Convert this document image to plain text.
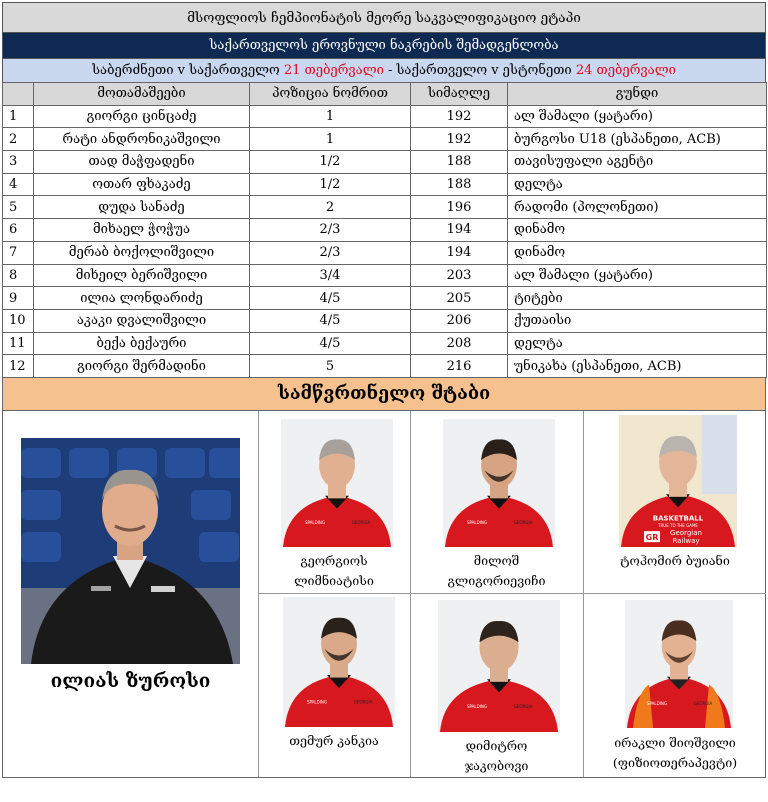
მსოფლიოს ჩემპიონატის მეორე საკვალიფიკაციო ეტაპი
საქართველოს ეროვნული ნაკრების შემადგენლობა
საბერძნეთი v საქართველო 21 თებერვალი - საქართველო v ესტონეთი 24 თებერვალი
	მოთამაშეები	პოზიცია ნომრით	სიმაღლე	გუნდი
1	გიორგი ცინცაძე	1	192	ალ შამალი (ყატარი)
2	რატი ანდრონიკაშვილი	1	192	ბურგოსი U18 (ესპანეთი, ACB)
3	თად მაჭფადენი	1/2	188	თავისუფალი აგენტი
4	ოთარ ფხაკაძე	1/2	188	დელტა
5	დუდა სანაძე	2	196	რადომი (პოლონეთი)
6	მიხაელ ჭოჭუა	2/3	194	დინამო
7	მერაბ ბოქოლიშვილი	2/3	194	დინამო
8	მიხეილ ბერიშვილი	3/4	203	ალ შამალი (ყატარი)
9	ილია ლონდარიძე	4/5	205	ტიტები
10	აკაკი დვალიშვილი	4/5	206	ქუთაისი
11	ბექა ბექაური	4/5	208	დელტა
12	გიორგი შერმადინი	5	216	უნიკახა (ესპანეთი, ACB)
სამწვრთნელო შტაბი
ილიას ზუროსი
SPALDING	GEORGIA
გეორგიოს
ლიმნიატისი
SPALDING	GEORGIA
მილოშ
გლიგორიევიჩი
BASKETBALL
TRUE TO THE GAME
GR
Georgian
Railway
ტოჰომირ ბუიანი
SPALDING	GEORGIA
თემურ კანკია
SPALDING	GEORGIA
დიმიტრო
ჯაკობოვი
SPALDING	GEORGIA
ირაკლი შიოშვილი
(ფიზიოთერაპევტი)
